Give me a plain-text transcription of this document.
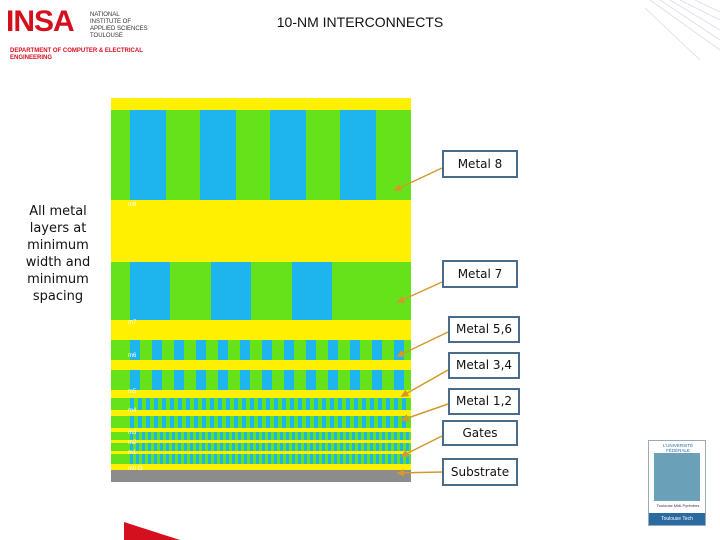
INSA	NATIONAL INSTITUTE OF APPLIED SCIENCES TOULOUSE
DEPARTMENT OF COMPUTER & ELECTRICAL ENGINEERING
10-NM INTERCONNECTS
All metal layers at minimum width and minimum spacing
m8
m7
m6
m5
m4
m3
m2
m1
m0 G
Metal 8
Metal 7
Metal 5,6
Metal 3,4
Metal 1,2
Gates
Substrate
L'UNIVERSITÉ FÉDÉRALE
Toulouse Midi-Pyrénées
Toulouse Tech
